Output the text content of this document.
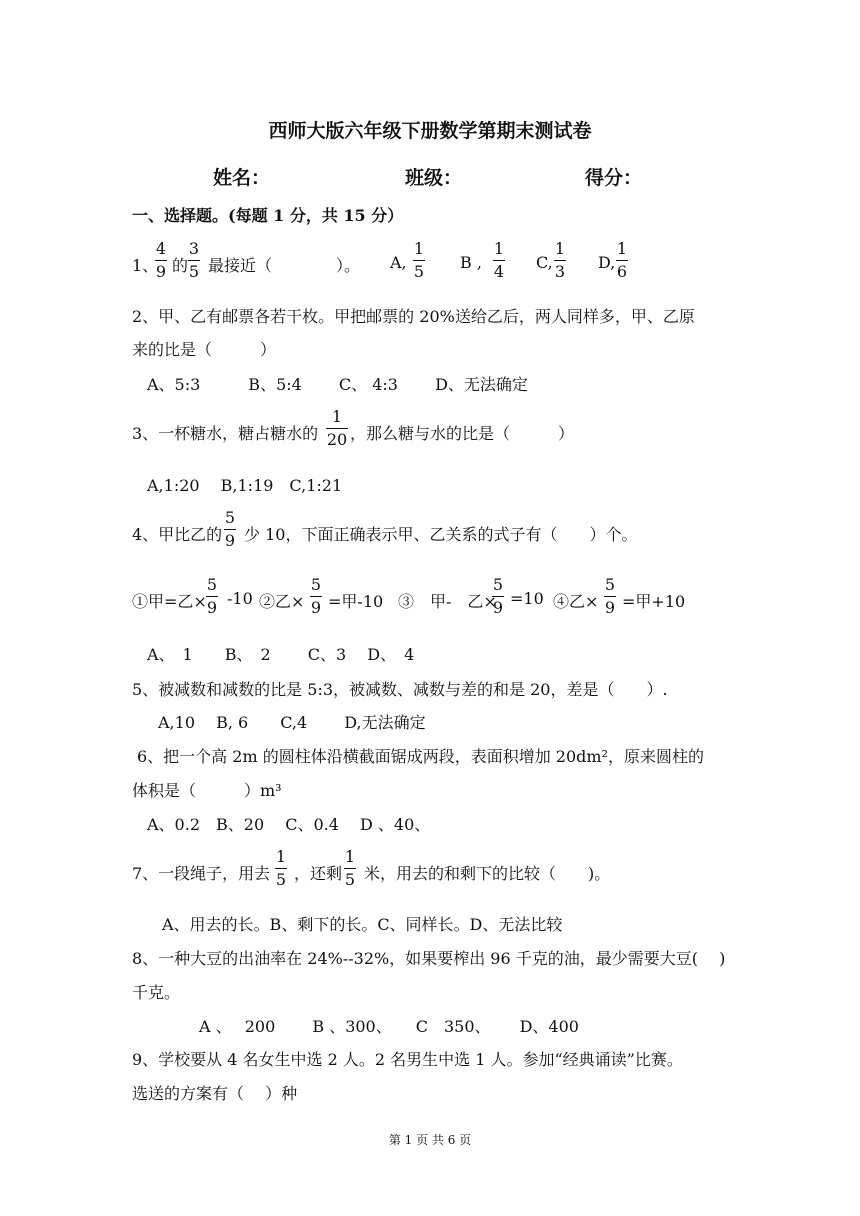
西师大版六年级下册数学第期末测试卷
姓名：	班级：	得分：
一、选择题。(每题 1 分，共 15 分）
1、
4
9 的
3
5 最接近（　　　　）。 A,
1
5 B ,
1
4 C,
1
3 D,
1
6
2、甲、乙有邮票各若干枚。甲把邮票的 20%送给乙后，两人同样多，甲、乙原
来的比是（　　　）
A、5:3　　　B、5:4　　 C、 4:3　　 D、无法确定
3、一杯糖水，糖占糖水的
1
20 ，那么糖与水的比是（　　　）
A,1:20　 B,1:19　C,1:21
4、甲比乙的
5
9 少 10，下面正确表示甲、乙关系的式子有（　　）个。
①甲=乙×
5
9 -10 ②乙×
5
9 =甲-10 ③　甲-　乙×
5
9 =10 ④乙×
5
9 =甲+10
A、　1　　B、　2　　 C、3　 D、　4
5、被减数和减数的比是 5:3，被减数、减数与差的和是 20，差是（　　）.
A,10　 B, 6　　C,4　　 D,无法确定
6、把一个高 2m 的圆柱体沿横截面锯成两段，表面积增加 20dm²，原来圆柱的
体积是（　　　）m³
A、0.2　B、20　 C、0.4　 D 、40、
7、一段绳子，用去
1
5 ，还剩
1
5 米，用去的和剩下的比较（　　)。
A、用去的长。B、剩下的长。C、同样长。D、无法比较
8、一种大豆的出油率在 24%--32%，如果要榨出 96 千克的油，最少需要大豆(　 )
千克。
A 、　 200　　 B 、300、　　C　350、　　 D、400
9、学校要从 4 名女生中选 2 人。2 名男生中选 1 人。参加“经典诵读”比赛。
选送的方案有（　 ）种
第 1 页 共 6 页
